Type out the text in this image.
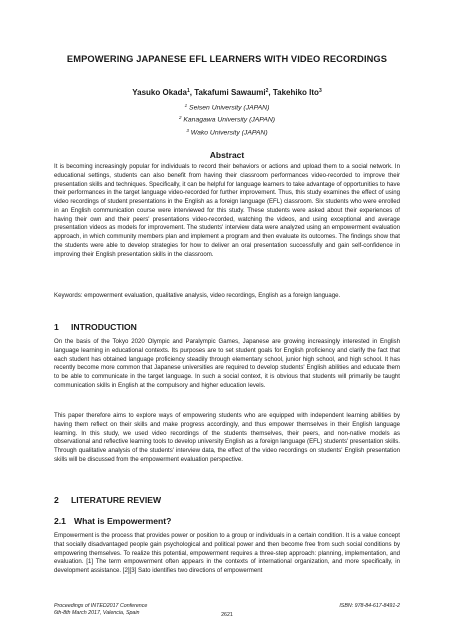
EMPOWERING JAPANESE EFL LEARNERS WITH VIDEO RECORDINGS
Yasuko Okada$^1$, Takafumi Sawaumi$^2$, Takehiko Ito$^3$
$^1$ Seisen University (JAPAN)
$^2$ Kanagawa University (JAPAN)
$^3$ Wako University (JAPAN)
Abstract

It is becoming increasingly popular for individuals to record their behaviors or actions and upload them to a social network. In educational settings, students can also benefit from having their classroom performances video-recorded to improve their presentation skills and techniques. Specifically, it can be helpful for language learners to take advantage of opportunities to have their performances in the target language video-recorded for further improvement. Thus, this study examines the effect of using video recordings of student presentations in the English as a foreign language (EFL) classroom. Six students who were enrolled in an English communication course were interviewed for this study. These students were asked about their experiences of having their own and their peers' presentations video-recorded, watching the videos, and using exceptional and average presentation videos as models for improvement. The students' interview data were analyzed using an empowerment evaluation approach, in which community members plan and implement a program and then evaluate its outcomes. The findings show that the students were able to develop strategies for how to deliver an oral presentation successfully and gain self-confidence in improving their English presentation skills in the classroom.

Keywords: empowerment evaluation, qualitative analysis, video recordings, English as a foreign language.

1 INTRODUCTION

On the basis of the Tokyo 2020 Olympic and Paralympic Games, Japanese are growing increasingly interested in English language learning in educational contexts. Its purposes are to set student goals for English proficiency and clarify the fact that each student has obtained language proficiency steadily through elementary school, junior high school, and high school. It has recently become more common that Japanese universities are required to develop students' English abilities and educate them to be able to communicate in the target language. In such a social context, it is obvious that students will primarily be taught communication skills in English at the compulsory and higher education levels.

This paper therefore aims to explore ways of empowering students who are equipped with independent learning abilities by having them reflect on their skills and make progress accordingly, and thus empower themselves in their English language learning. In this study, we used video recordings of the students themselves, their peers, and non-native models as observational and reflective learning tools to develop university English as a foreign language (EFL) students' presentation skills. Through qualitative analysis of the students' interview data, the effect of the video recordings on students' English presentation skills will be discussed from the empowerment evaluation perspective.

2 LITERATURE REVIEW
2.1 What is Empowerment?

Empowerment is the process that provides power or position to a group or individuals in a certain condition. It is a value concept that socially disadvantaged people gain psychological and political power and then become free from such social conditions by empowering themselves. To realize this potential, empowerment requires a three-step approach: planning, implementation, and evaluation. [1] The term empowerment often appears in the contexts of international organization, and more specifically, in development assistance. [2][3] Sato identifies two directions of empowerment

Proceedings of INTED2017 Conference
6th-8th March 2017, Valencia, Spain	2621
ISBN: 978-84-617-8491-2
